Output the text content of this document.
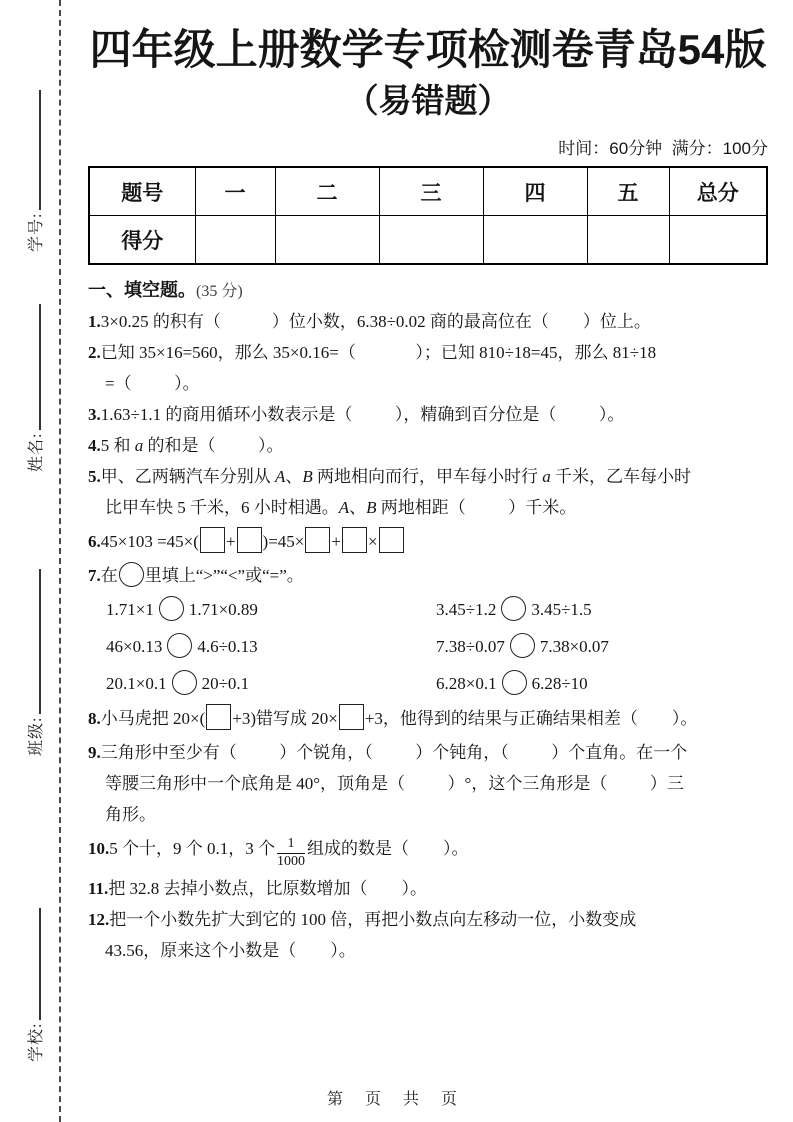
学号:
姓名:
班级:
学校:
四年级上册数学专项检测卷青岛54版
（易错题）
时间：60分钟  满分：100分
题号	一	二	三	四	五	总分
得分						
一、填空题。(35 分)
1.3×0.25 的积有（            ）位小数，6.38÷0.02 商的最高位在（        ）位上。
2.已知 35×16=560，那么 35×0.16=（              ）；已知 810÷18=45，那么 81÷18
=（          ）。
3.1.63÷1.1 的商用循环小数表示是（          ），精确到百分位是（          ）。
4.5 和 a 的和是（          ）。
5.甲、乙两辆汽车分别从 A、B 两地相向而行，甲车每小时行 a 千米，乙车每小时
比甲车快 5 千米，6 小时相遇。A、B 两地相距（          ）千米。
6.45×103 =45×( + )=45× + ×
7.在 里填上“>”“<”或“=”。
1.71×1 1.71×0.89	3.45÷1.2 3.45÷1.5
46×0.13 4.6÷0.13	7.38÷0.07 7.38×0.07
20.1×0.1 20÷0.1	6.28×0.1 6.28÷10
8.小马虎把 20×( +3)错写成 20× +3，他得到的结果与正确结果相差（        ）。
9.三角形中至少有（          ）个锐角，（          ）个钝角，（          ）个直角。在一个
等腰三角形中一个底角是 40°，顶角是（          ）°，这个三角形是（          ）三
角形。
10.5 个十，9 个 0.1，3 个 $\frac{1}{1000}$ 组成的数是（        ）。
11.把 32.8 去掉小数点，比原数增加（        ）。
12.把一个小数先扩大到它的 100 倍，再把小数点向左移动一位，小数变成
43.56，原来这个小数是（        ）。
第 页 共 页
